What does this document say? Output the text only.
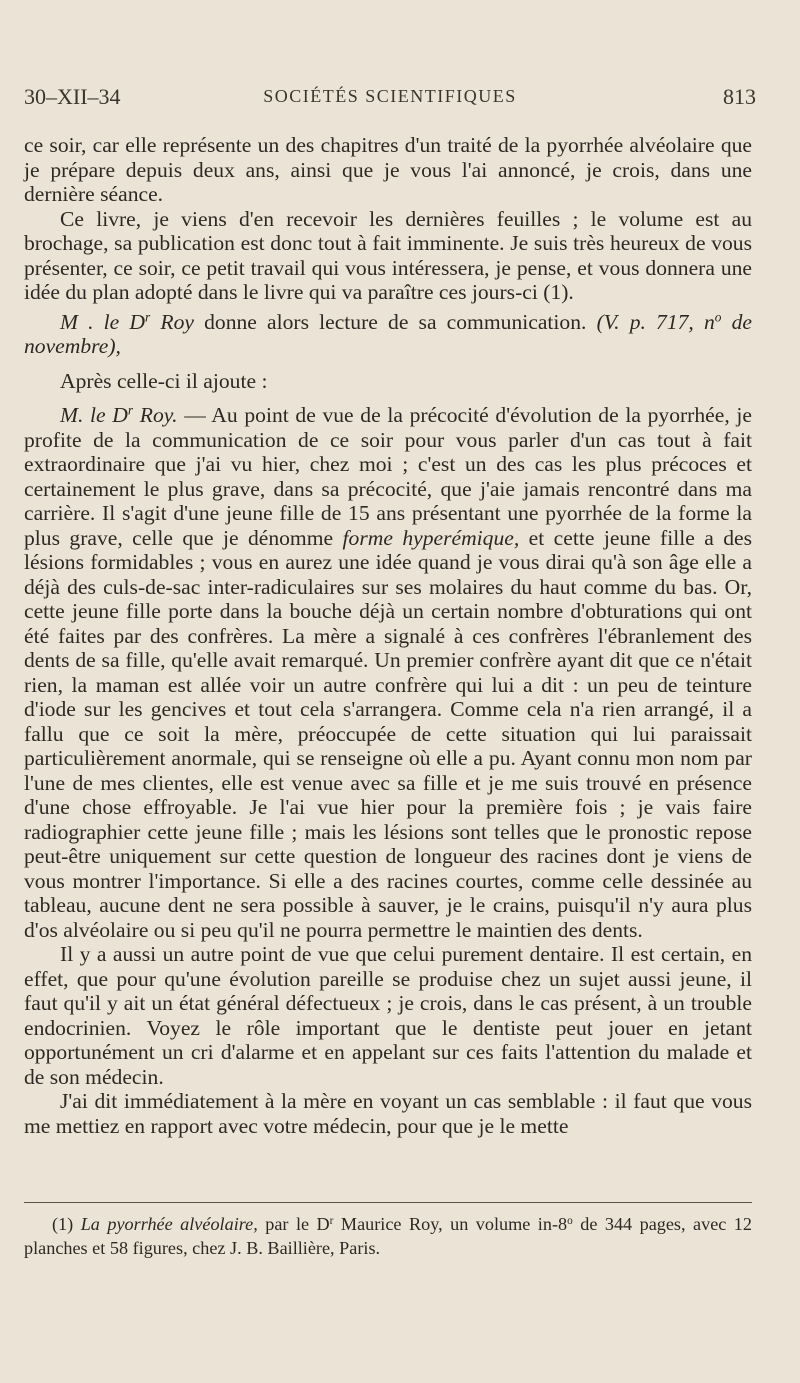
30–XII–34	SOCIÉTÉS SCIENTIFIQUES	813

ce soir, car elle représente un des chapitres d'un traité de la pyorrhée alvéolaire que je prépare depuis deux ans, ainsi que je vous l'ai annoncé, je crois, dans une dernière séance.

Ce livre, je viens d'en recevoir les dernières feuilles ; le volume est au brochage, sa publication est donc tout à fait imminente. Je suis très heureux de vous présenter, ce soir, ce petit travail qui vous intéressera, je pense, et vous donnera une idée du plan adopté dans le livre qui va paraître ces jours-ci (1).

M . le $D^r$ Roy donne alors lecture de sa communication. (V. p. 717, $n^o$ de novembre),

Après celle-ci il ajoute :

M. le $D^r$ Roy. — Au point de vue de la précocité d'évolution de la pyorrhée, je profite de la communication de ce soir pour vous parler d'un cas tout à fait extraordinaire que j'ai vu hier, chez moi ; c'est un des cas les plus précoces et certainement le plus grave, dans sa précocité, que j'aie jamais rencontré dans ma carrière. Il s'agit d'une jeune fille de 15 ans présentant une pyorrhée de la forme la plus grave, celle que je dénomme forme hyperémique, et cette jeune fille a des lésions formidables ; vous en aurez une idée quand je vous dirai qu'à son âge elle a déjà des culs-de-sac inter-radiculaires sur ses molaires du haut comme du bas. Or, cette jeune fille porte dans la bouche déjà un certain nombre d'obturations qui ont été faites par des confrères. La mère a signalé à ces confrères l'ébranlement des dents de sa fille, qu'elle avait remarqué. Un premier confrère ayant dit que ce n'était rien, la maman est allée voir un autre confrère qui lui a dit : un peu de teinture d'iode sur les gencives et tout cela s'arrangera. Comme cela n'a rien arrangé, il a fallu que ce soit la mère, préoccupée de cette situation qui lui paraissait particulièrement anormale, qui se renseigne où elle a pu. Ayant connu mon nom par l'une de mes clientes, elle est venue avec sa fille et je me suis trouvé en présence d'une chose effroyable. Je l'ai vue hier pour la première fois ; je vais faire radiographier cette jeune fille ; mais les lésions sont telles que le pronostic repose peut-être uniquement sur cette question de longueur des racines dont je viens de vous montrer l'importance. Si elle a des racines courtes, comme celle dessinée au tableau, aucune dent ne sera possible à sauver, je le crains, puisqu'il n'y aura plus d'os alvéolaire ou si peu qu'il ne pourra permettre le maintien des dents.

Il y a aussi un autre point de vue que celui purement dentaire. Il est certain, en effet, que pour qu'une évolution pareille se produise chez un sujet aussi jeune, il faut qu'il y ait un état général défectueux ; je crois, dans le cas présent, à un trouble endocrinien. Voyez le rôle important que le dentiste peut jouer en jetant opportunément un cri d'alarme et en appelant sur ces faits l'attention du malade et de son médecin.

J'ai dit immédiatement à la mère en voyant un cas semblable : il faut que vous me mettiez en rapport avec votre médecin, pour que je le mette

(1) La pyorrhée alvéolaire, par le $D^r$ Maurice Roy, un volume in-8$^o$ de 344 pages, avec 12 planches et 58 figures, chez J. B. Baillière, Paris.
